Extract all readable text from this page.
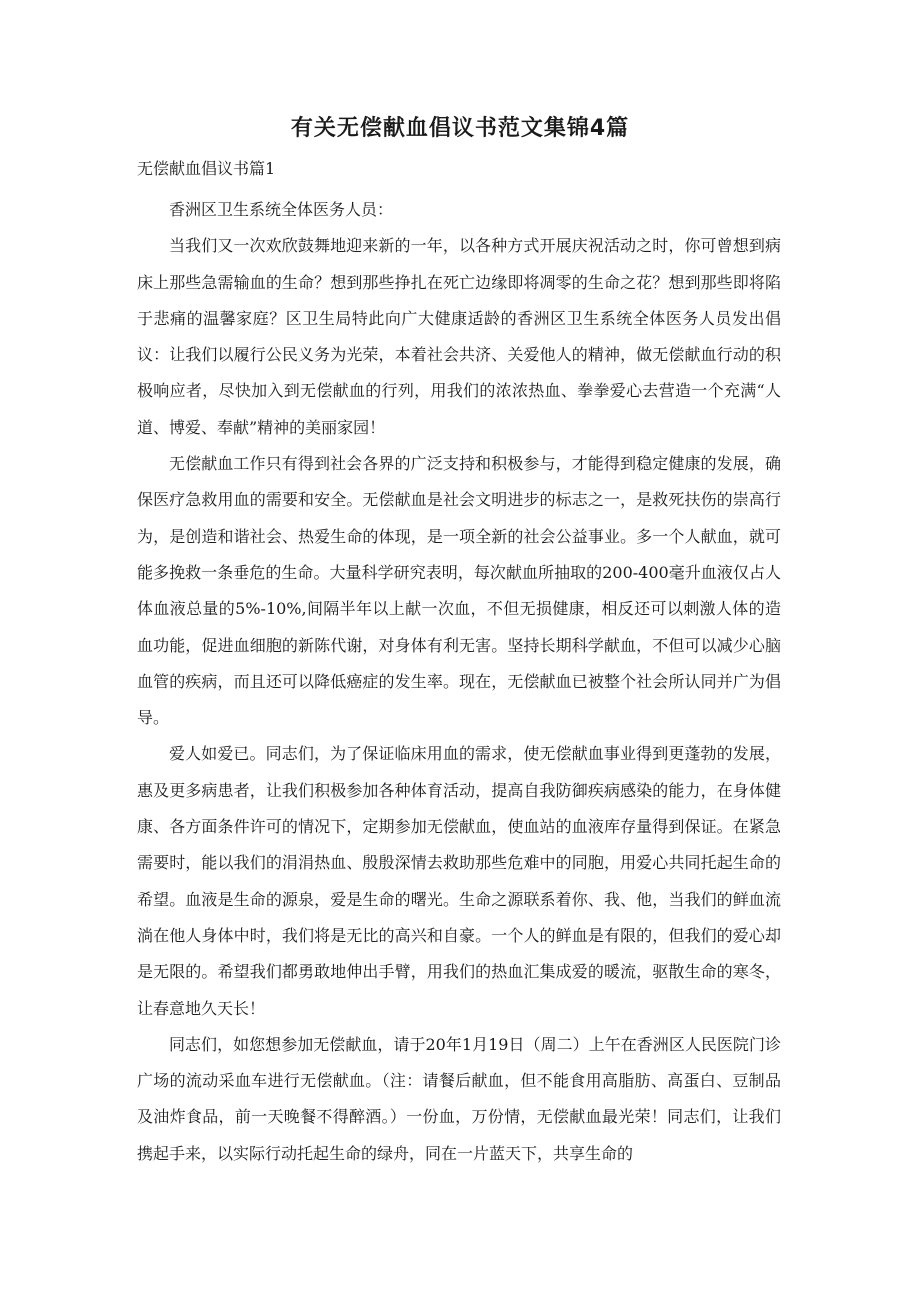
有关无偿献血倡议书范文集锦4篇
无偿献血倡议书篇1

香洲区卫生系统全体医务人员：

当我们又一次欢欣鼓舞地迎来新的一年，以各种方式开展庆祝活动之时，你可曾想到病床上那些急需输血的生命？想到那些挣扎在死亡边缘即将凋零的生命之花？想到那些即将陷于悲痛的温馨家庭？区卫生局特此向广大健康适龄的香洲区卫生系统全体医务人员发出倡议：让我们以履行公民义务为光荣，本着社会共济、关爱他人的精神，做无偿献血行动的积极响应者，尽快加入到无偿献血的行列，用我们的浓浓热血、拳拳爱心去营造一个充满“人道、博爱、奉献”精神的美丽家园！

无偿献血工作只有得到社会各界的广泛支持和积极参与，才能得到稳定健康的发展，确保医疗急救用血的需要和安全。无偿献血是社会文明进步的标志之一，是救死扶伤的崇高行为，是创造和谐社会、热爱生命的体现，是一项全新的社会公益事业。多一个人献血，就可能多挽救一条垂危的生命。大量科学研究表明，每次献血所抽取的200-400毫升血液仅占人体血液总量的5%-10%,间隔半年以上献一次血，不但无损健康，相反还可以刺激人体的造血功能，促进血细胞的新陈代谢，对身体有利无害。坚持长期科学献血，不但可以减少心脑血管的疾病，而且还可以降低癌症的发生率。现在，无偿献血已被整个社会所认同并广为倡导。

爱人如爱已。同志们，为了保证临床用血的需求，使无偿献血事业得到更蓬勃的发展，惠及更多病患者，让我们积极参加各种体育活动，提高自我防御疾病感染的能力，在身体健康、各方面条件许可的情况下，定期参加无偿献血，使血站的血液库存量得到保证。在紧急需要时，能以我们的涓涓热血、殷殷深情去救助那些危难中的同胞，用爱心共同托起生命的希望。血液是生命的源泉，爱是生命的曙光。生命之源联系着你、我、他，当我们的鲜血流淌在他人身体中时，我们将是无比的高兴和自豪。一个人的鲜血是有限的，但我们的爱心却是无限的。希望我们都勇敢地伸出手臂，用我们的热血汇集成爱的暖流，驱散生命的寒冬，让春意地久天长！

同志们，如您想参加无偿献血，请于20年1月19日（周二）上午在香洲区人民医院门诊广场的流动采血车进行无偿献血。（注：请餐后献血，但不能食用高脂肪、高蛋白、豆制品及油炸食品，前一天晚餐不得醉酒。）一份血，万份情，无偿献血最光荣！同志们，让我们携起手来，以实际行动托起生命的绿舟，同在一片蓝天下，共享生命的
